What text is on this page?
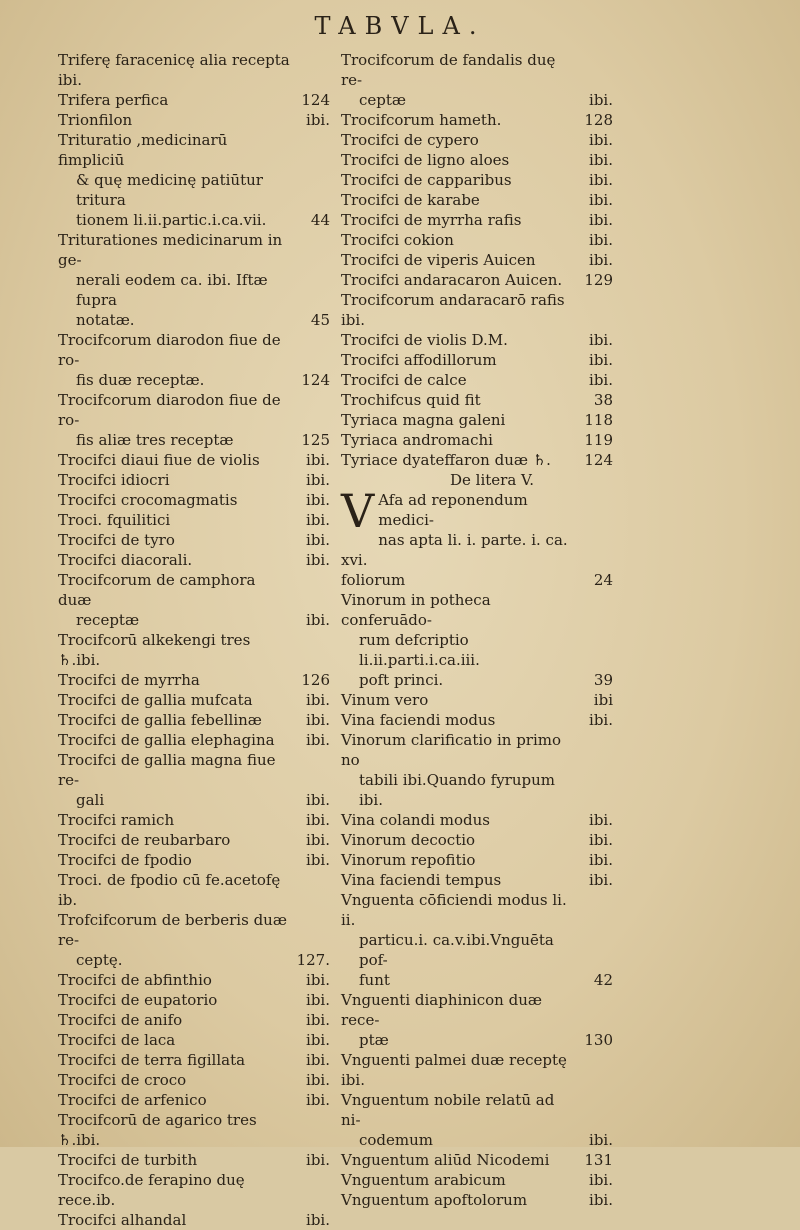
TABVLA.
Triferę faracenicę alia recepta ibi.
Trifera perfica	124
Trionfilon	ibi.
Trituratio ,medicinarū fimpliciū
& quę medicinę patiūtur tritura
tionem li.ii.partic.i.ca.vii.	44
Triturationes medicinarum in ge-
nerali eodem ca. ibi. Iftæ fupra
notatæ.	45
Trocifcorum diarodon fiue de ro-
fis duæ receptæ.	124
Trocifcorum diarodon fiue de ro-
fis aliæ tres receptæ	125
Trocifci diaui fiue de violis	ibi.
Trocifci idiocri	ibi.
Trocifci crocomagmatis	ibi.
Troci. fquilitici	ibi.
Trocifci de tyro	ibi.
Trocifci diacorali.	ibi.
Trocifcorum de camphora duæ
receptæ	ibi.
Trocifcorū alkekengi tres ♄.ibi.
Trocifci de myrrha	126
Trocifci de gallia mufcata	ibi.
Trocifci de gallia febellinæ	ibi.
Trocifci de gallia elephagina	ibi.
Trocifci de gallia magna fiue re-
gali	ibi.
Trocifci ramich	ibi.
Trocifci de reubarbaro	ibi.
Trocifci de fpodio	ibi.
Troci. de fpodio cū fe.acetofę ib.
Trofcifcorum de berberis duæ re-
ceptę.	127.
Trocifci de abfinthio	ibi.
Trocifci de eupatorio	ibi.
Trocifci de anifo	ibi.
Trocifci de laca	ibi.
Trocifci de terra figillata	ibi.
Trocifci de croco	ibi.
Trocifci de arfenico	ibi.
Trocifcorū de agarico tres ♄.ibi.
Trocifci de turbith	ibi.
Trocifco.de ferapino duę rece.ib.
Trocifci alhandal	ibi.
Trocifcorum de fandalis duę re-
ceptæ	ibi.
Trocifcorum hameth.	128
Trocifci de cypero	ibi.
Trocifci de ligno aloes	ibi.
Trocifci de capparibus	ibi.
Trocifci de karabe	ibi.
Trocifci de myrrha rafis	ibi.
Trocifci cokion	ibi.
Trocifci de viperis Auicen	ibi.
Trocifci andaracaron Auicen.	129
Trocifcorum andaracarō rafis ibi.
Trocifci de violis D.M.	ibi.
Trocifci affodillorum	ibi.
Trocifci de calce	ibi.
Trochifcus quid fit	38
Tyriaca magna galeni	118
Tyriaca andromachi	119
Tyriace dyateffaron duæ ♄.	124
De litera V.
V Afa ad reponendum medici-
nas apta li. i. parte. i. ca. xvi.
foliorum	24
Vinorum in potheca conferuādo-
rum defcriptio li.ii.parti.i.ca.iii.
poft princi.	39
Vinum vero	ibi
Vina faciendi modus	ibi.
Vinorum clarificatio in primo no
tabili ibi.Quando fyrupum ibi.
Vina colandi modus	ibi.
Vinorum decoctio	ibi.
Vinorum repofitio	ibi.
Vina faciendi tempus	ibi.
Vnguenta cōficiendi modus li. ii.
particu.i. ca.v.ibi.Vnguēta pof-
funt	42
Vnguenti diaphinicon duæ rece-
ptæ	130
Vnguenti palmei duæ receptę ibi.
Vnguentum nobile relatū ad ni-
codemum	ibi.
Vnguentum aliūd Nicodemi	131
Vnguentum arabicum	ibi.
Vnguentum apoftolorum	ibi.
